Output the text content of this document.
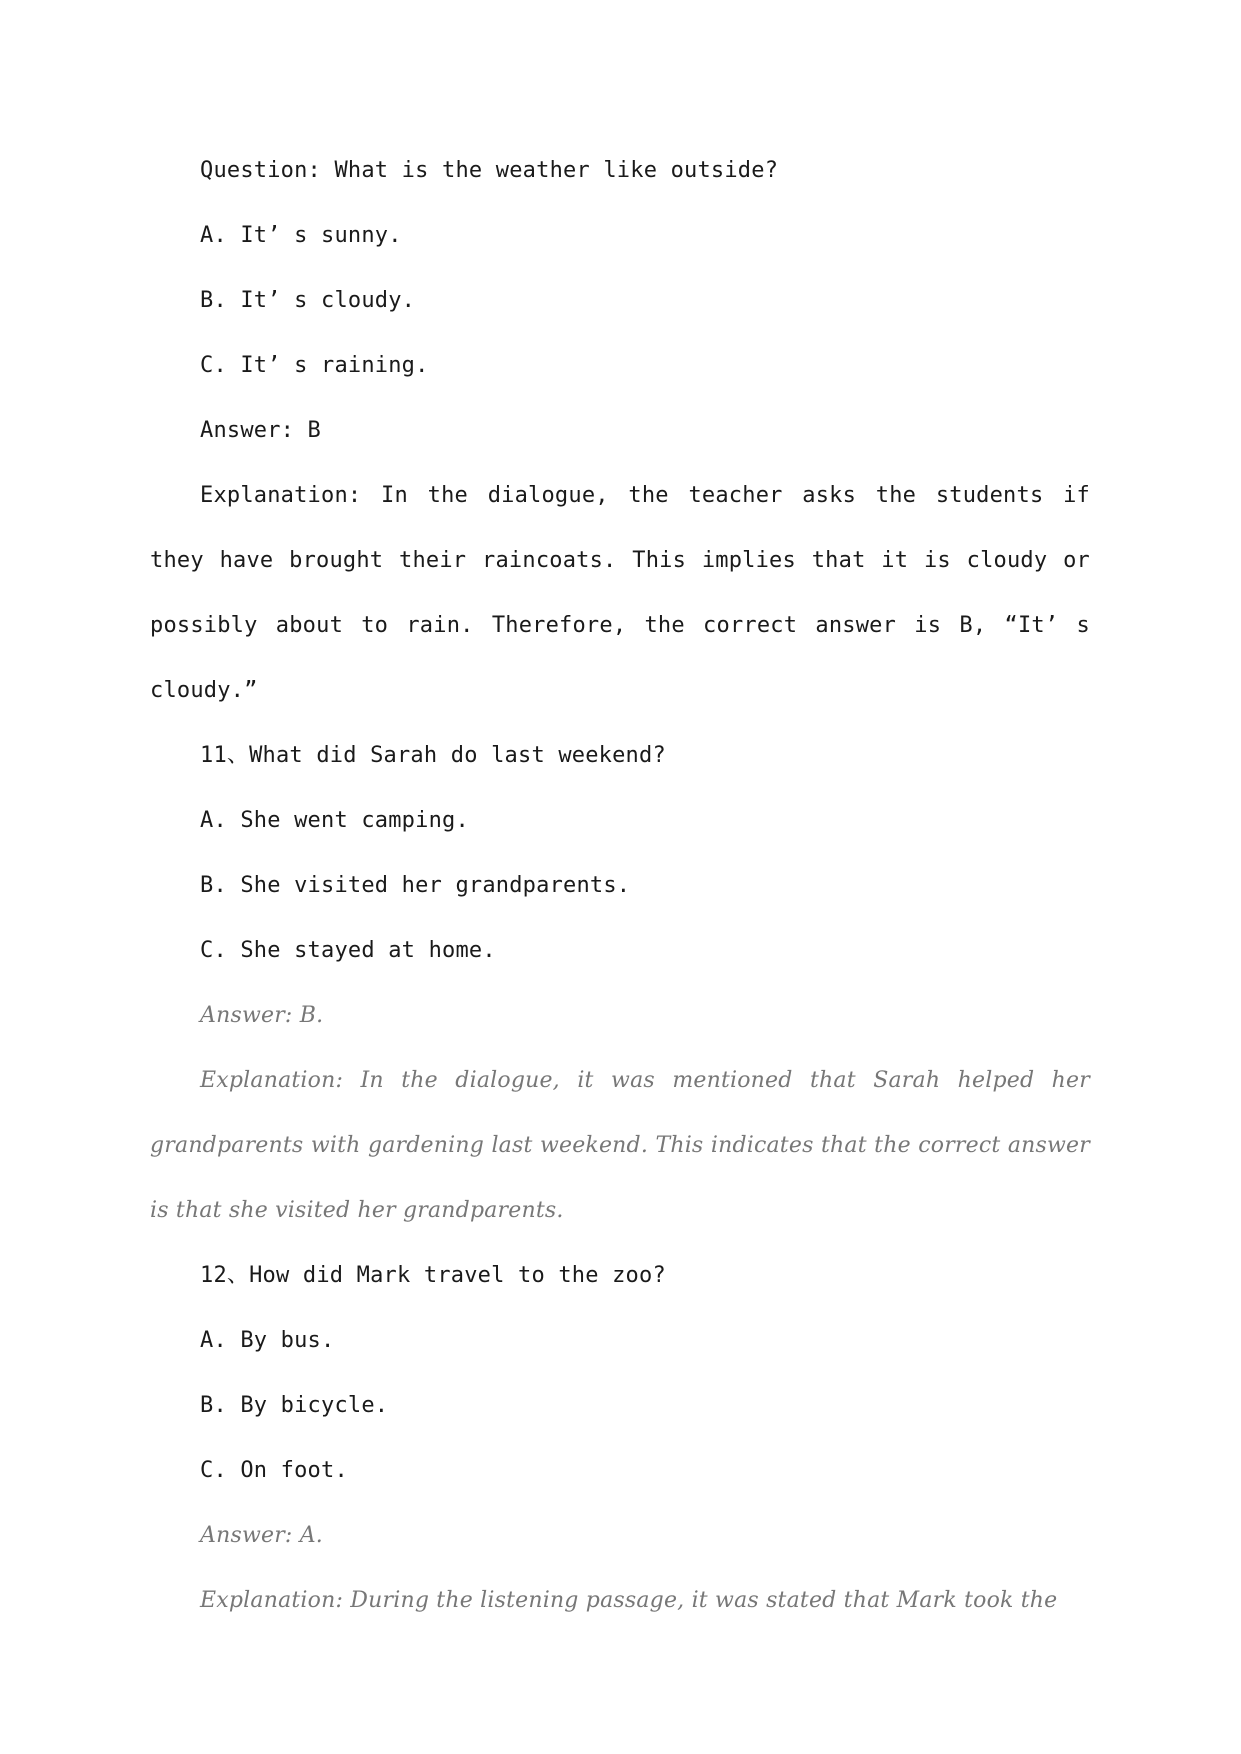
Question: What is the weather like outside?
A. It’ s sunny.
B. It’ s cloudy.
C. It’ s raining.
Answer: B
Explanation: In the dialogue, the teacher asks the students if they have brought their raincoats. This implies that it is cloudy or possibly about to rain. Therefore, the correct answer is B, “It’ s cloudy.”
11、What did Sarah do last weekend?
A. She went camping.
B. She visited her grandparents.
C. She stayed at home.
Answer: B.
Explanation: In the dialogue, it was mentioned that Sarah helped her grandparents with gardening last weekend. This indicates that the correct answer is that she visited her grandparents.
12、How did Mark travel to the zoo?
A. By bus.
B. By bicycle.
C. On foot.
Answer: A.
Explanation: During the listening passage, it was stated that Mark took the
